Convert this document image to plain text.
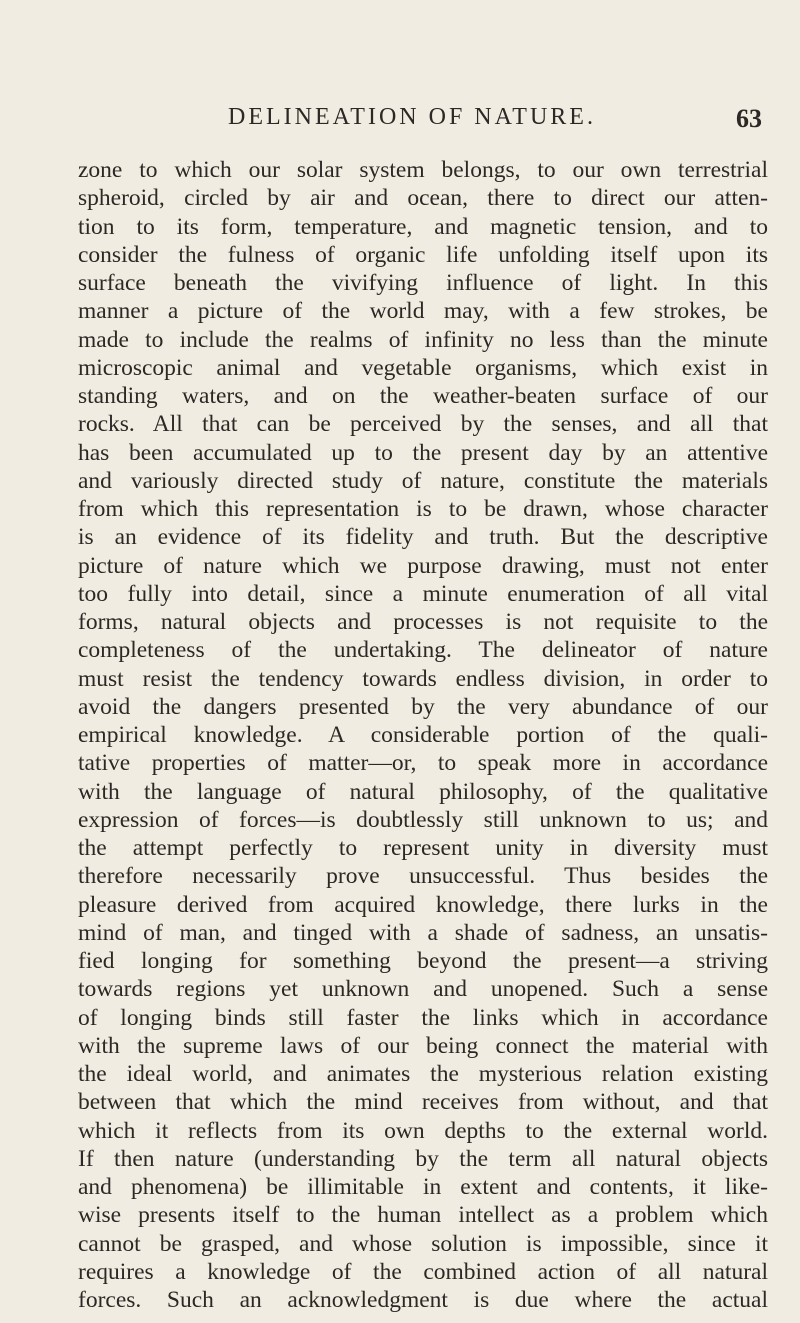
DELINEATION OF NATURE.	63
zone to which our solar system belongs, to our own terrestrial
spheroid, circled by air and ocean, there to direct our atten-
tion to its form, temperature, and magnetic tension, and to
consider the fulness of organic life unfolding itself upon its
surface beneath the vivifying influence of light. In this
manner a picture of the world may, with a few strokes, be
made to include the realms of infinity no less than the minute
microscopic animal and vegetable organisms, which exist in
standing waters, and on the weather-beaten surface of our
rocks. All that can be perceived by the senses, and all that
has been accumulated up to the present day by an attentive
and variously directed study of nature, constitute the materials
from which this representation is to be drawn, whose character
is an evidence of its fidelity and truth. But the descriptive
picture of nature which we purpose drawing, must not enter
too fully into detail, since a minute enumeration of all vital
forms, natural objects and processes is not requisite to the
completeness of the undertaking. The delineator of nature
must resist the tendency towards endless division, in order to
avoid the dangers presented by the very abundance of our
empirical knowledge. A considerable portion of the quali-
tative properties of matter—or, to speak more in accordance
with the language of natural philosophy, of the qualitative
expression of forces—is doubtlessly still unknown to us; and
the attempt perfectly to represent unity in diversity must
therefore necessarily prove unsuccessful. Thus besides the
pleasure derived from acquired knowledge, there lurks in the
mind of man, and tinged with a shade of sadness, an unsatis-
fied longing for something beyond the present—a striving
towards regions yet unknown and unopened. Such a sense
of longing binds still faster the links which in accordance
with the supreme laws of our being connect the material with
the ideal world, and animates the mysterious relation existing
between that which the mind receives from without, and that
which it reflects from its own depths to the external world.
If then nature (understanding by the term all natural objects
and phenomena) be illimitable in extent and contents, it like-
wise presents itself to the human intellect as a problem which
cannot be grasped, and whose solution is impossible, since it
requires a knowledge of the combined action of all natural
forces. Such an acknowledgment is due where the actual
